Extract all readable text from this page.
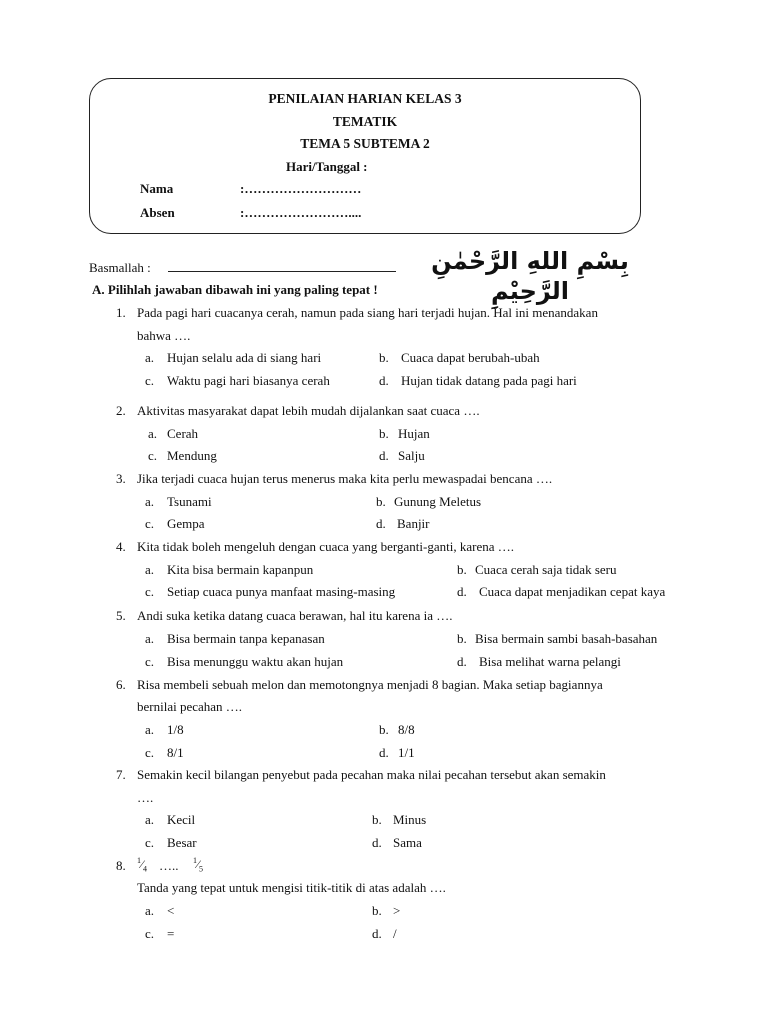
PENILAIAN HARIAN KELAS 3
TEMATIK
TEMA 5 SUBTEMA 2
Hari/Tanggal :
Nama	:………………………
Absen	:……………………....
Basmallah :	بِسْمِ اللهِ الرَّحْمٰنِ الرَّحِيْمِ
A. Pilihlah jawaban dibawah ini yang paling tepat !
1. Pada pagi hari cuacanya cerah, namun pada siang hari terjadi hujan. Hal ini menandakan
bahwa ….
a. Hujan selalu ada di siang hari	b. Cuaca dapat berubah-ubah
c. Waktu pagi hari biasanya cerah	d. Hujan tidak datang pada pagi hari
2. Aktivitas masyarakat dapat lebih mudah dijalankan saat cuaca ….
a. Cerah	b. Hujan
c. Mendung	d. Salju
3. Jika terjadi cuaca hujan terus menerus maka kita perlu mewaspadai bencana ….
a. Tsunami	b. Gunung Meletus
c. Gempa	d. Banjir
4. Kita tidak boleh mengeluh dengan cuaca yang berganti-ganti, karena ….
a. Kita bisa bermain kapanpun	b. Cuaca cerah saja tidak seru
c. Setiap cuaca punya manfaat masing-masing	d. Cuaca dapat menjadikan cepat kaya
5. Andi suka ketika datang cuaca berawan, hal itu karena ia ….
a. Bisa bermain tanpa kepanasan	b. Bisa bermain sambi basah-basahan
c. Bisa menunggu waktu akan hujan	d. Bisa melihat warna pelangi
6. Risa membeli sebuah melon dan memotongnya menjadi 8 bagian. Maka setiap bagiannya
bernilai pecahan ….
a. 1/8	b. 8/8
c. 8/1	d. 1/1
7. Semakin kecil bilangan penyebut pada pecahan maka nilai pecahan tersebut akan semakin
….
a. Kecil	b. Minus
c. Besar	d. Sama
8. $^1⁄_4$ ….. $^1⁄_5$
Tanda yang tepat untuk mengisi titik-titik di atas adalah ….
a. <	b. >
c. =	d. /
